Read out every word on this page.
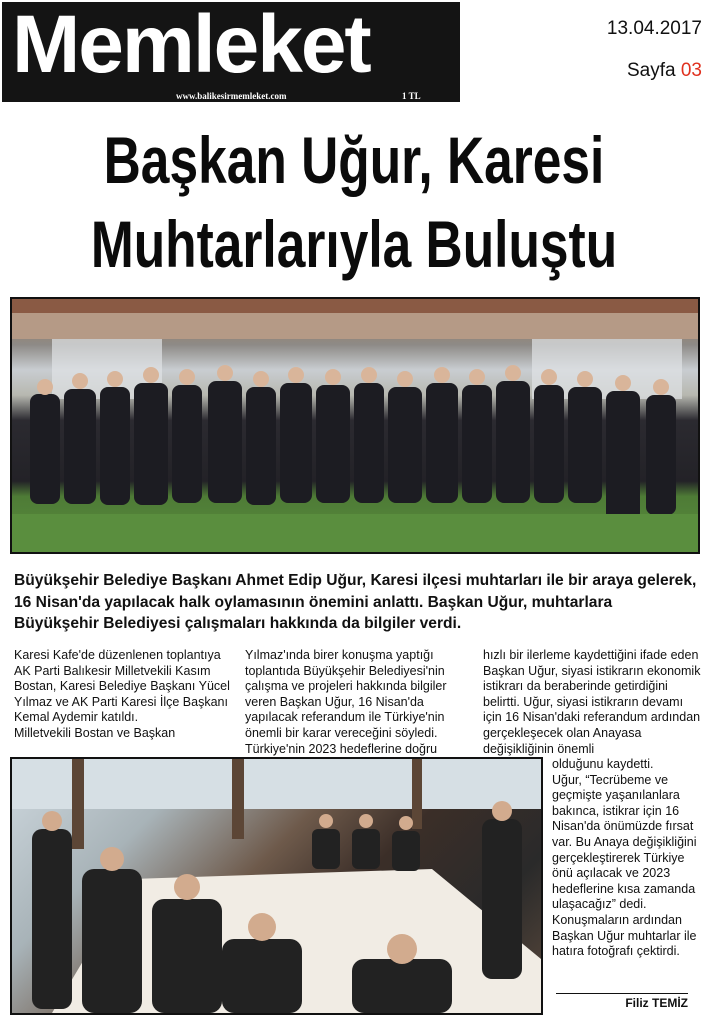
Memleket
www.balikesirmemleket.com	1 TL
13.04.2017
Sayfa 03
Başkan Uğur, Karesi
Muhtarlarıyla Buluştu
Büyükşehir Belediye Başkanı Ahmet Edip Uğur, Karesi ilçesi muhtarları ile bir araya gelerek, 16 Nisan'da yapılacak halk oylamasının önemini anlattı. Başkan Uğur, muhtarlara Büyükşehir Belediyesi çalışmaları hakkında da bilgiler verdi.

Karesi Kafe'de düzenlenen toplantıya AK Parti Balıkesir Milletvekili Kasım Bostan, Karesi Belediye Başkanı Yücel Yılmaz ve AK Parti Karesi İlçe Başkanı Kemal Aydemir katıldı.

Milletvekili Bostan ve Başkan

Yılmaz'ında birer konuşma yaptığı toplantıda Büyükşehir Belediyesi'nin çalışma ve projeleri hakkında bilgiler veren Başkan Uğur, 16 Nisan'da yapılacak referandum ile Türkiye'nin önemli bir karar vereceğini söyledi. Türkiye'nin 2023 hedeflerine doğru

hızlı bir ilerleme kaydettiğini ifade eden Başkan Uğur, siyasi istikrarın ekonomik istikrarı da beraberinde getirdiğini belirtti. Uğur, siyasi istikrarın devamı için 16 Nisan'daki referandum ardından gerçekleşecek olan Anayasa değişikliğinin önemli

olduğunu kaydetti.

Uğur, “Tecrübeme ve geçmişte yaşanılanlara bakınca, istikrar için 16 Nisan'da önümüzde fırsat var. Bu Anaya değişikliğini gerçekleştirerek Türkiye önü açılacak ve 2023 hedeflerine kısa zamanda ulaşacağız” dedi.

Konuşmaların ardından Başkan Uğur muhtarlar ile hatıra fotoğrafı çektirdi.

Filiz TEMİZ
